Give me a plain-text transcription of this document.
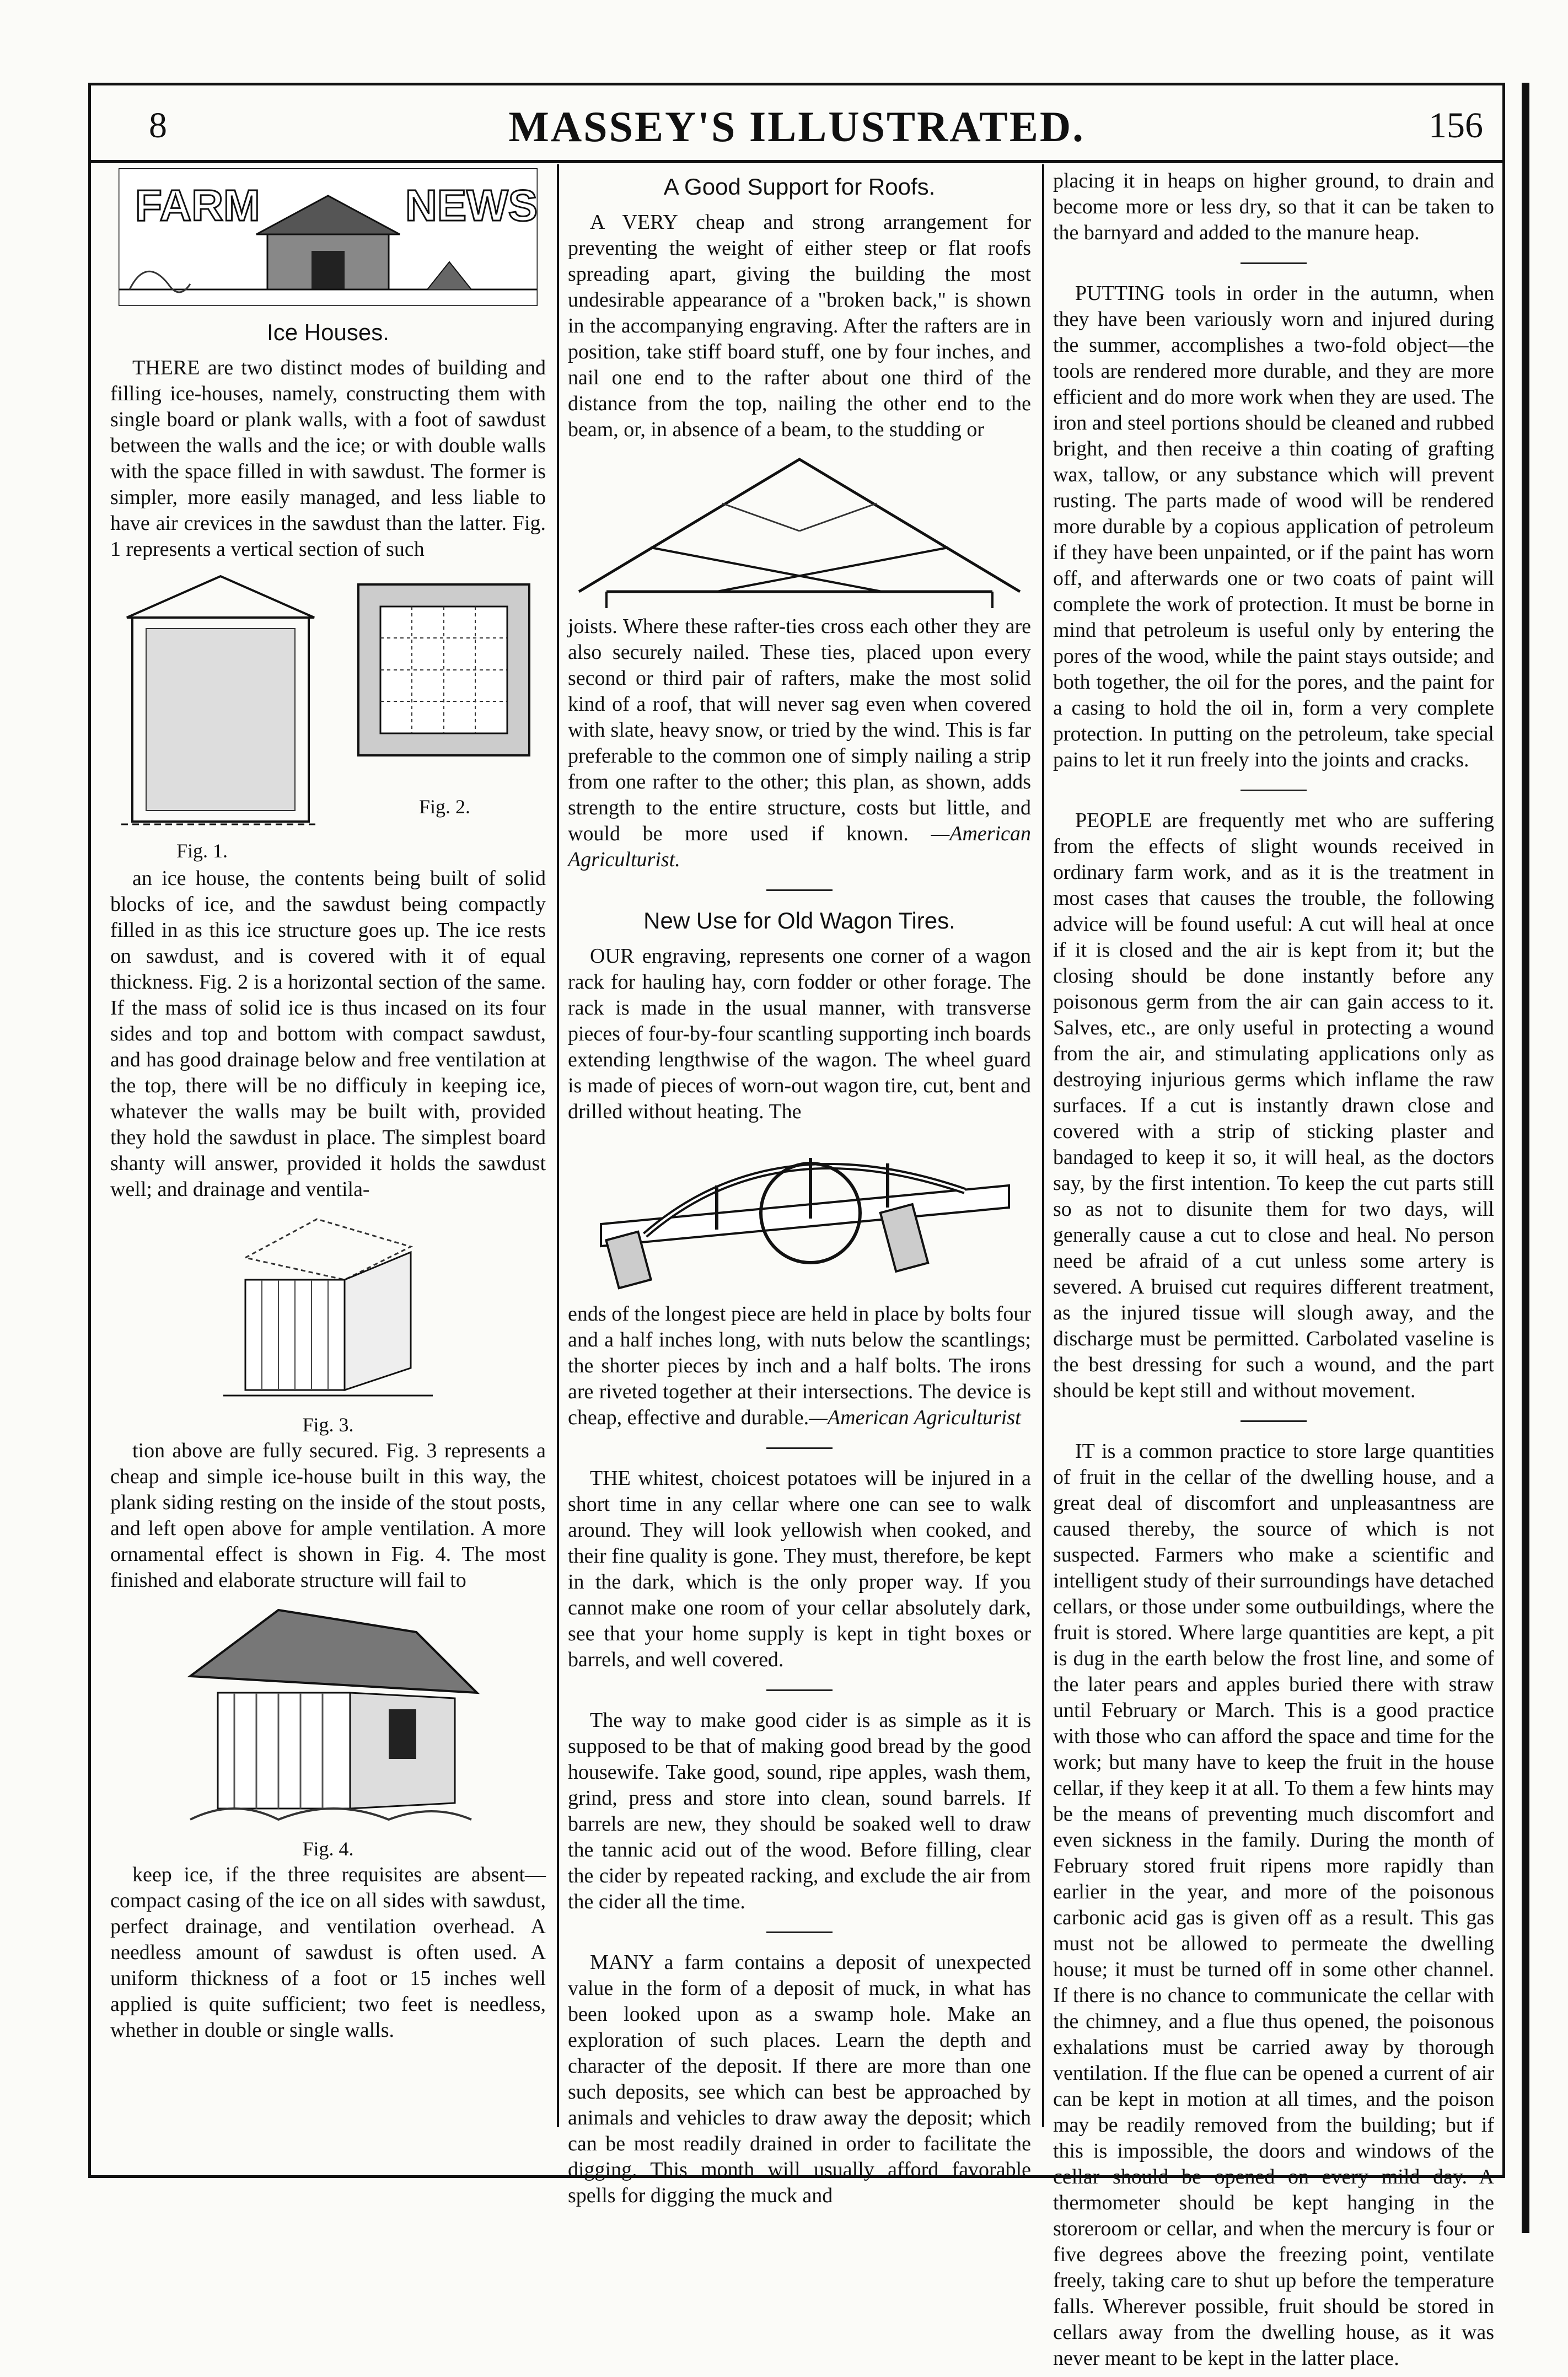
8	MASSEY'S ILLUSTRATED.	156
FARM	NEWS
Ice Houses.

THERE are two distinct modes of building and filling ice-houses, namely, constructing them with single board or plank walls, with a foot of sawdust between the walls and the ice; or with double walls with the space filled in with sawdust. The former is simpler, more easily managed, and less liable to have air crevices in the sawdust than the latter. Fig. 1 represents a vertical section of such

Fig. 1.
Fig. 2.

an ice house, the contents being built of solid blocks of ice, and the sawdust being compactly filled in as this ice structure goes up. The ice rests on sawdust, and is covered with it of equal thickness. Fig. 2 is a horizontal section of the same. If the mass of solid ice is thus incased on its four sides and top and bottom with compact sawdust, and has good drainage below and free ventilation at the top, there will be no difficuly in keeping ice, whatever the walls may be built with, provided they hold the sawdust in place. The simplest board shanty will answer, provided it holds the sawdust well; and drainage and ventila-

Fig. 3.

tion above are fully secured. Fig. 3 represents a cheap and simple ice-house built in this way, the plank siding resting on the inside of the stout posts, and left open above for ample ventilation. A more ornamental effect is shown in Fig. 4. The most finished and elaborate structure will fail to

Fig. 4.

keep ice, if the three requisites are absent—compact casing of the ice on all sides with sawdust, perfect drainage, and ventilation overhead. A needless amount of sawdust is often used. A uniform thickness of a foot or 15 inches well applied is quite sufficient; two feet is needless, whether in double or single walls.

A Good Support for Roofs.

A VERY cheap and strong arrangement for preventing the weight of either steep or flat roofs spreading apart, giving the building the most undesirable appearance of a "broken back," is shown in the accompanying engraving. After the rafters are in position, take stiff board stuff, one by four inches, and nail one end to the rafter about one third of the distance from the top, nailing the other end to the beam, or, in absence of a beam, to the studding or

joists. Where these rafter-ties cross each other they are also securely nailed. These ties, placed upon every second or third pair of rafters, make the most solid kind of a roof, that will never sag even when covered with slate, heavy snow, or tried by the wind. This is far preferable to the common one of simply nailing a strip from one rafter to the other; this plan, as shown, adds strength to the entire structure, costs but little, and would be more used if known. —American Agriculturist.

New Use for Old Wagon Tires.

OUR engraving, represents one corner of a wagon rack for hauling hay, corn fodder or other forage. The rack is made in the usual manner, with transverse pieces of four-by-four scantling supporting inch boards extending lengthwise of the wagon. The wheel guard is made of pieces of worn-out wagon tire, cut, bent and drilled without heating. The

ends of the longest piece are held in place by bolts four and a half inches long, with nuts below the scantlings; the shorter pieces by inch and a half bolts. The irons are riveted together at their intersections. The device is cheap, effective and durable.—American Agriculturist

THE whitest, choicest potatoes will be injured in a short time in any cellar where one can see to walk around. They will look yellowish when cooked, and their fine quality is gone. They must, therefore, be kept in the dark, which is the only proper way. If you cannot make one room of your cellar absolutely dark, see that your home supply is kept in tight boxes or barrels, and well covered.

The way to make good cider is as simple as it is supposed to be that of making good bread by the good housewife. Take good, sound, ripe apples, wash them, grind, press and store into clean, sound barrels. If barrels are new, they should be soaked well to draw the tannic acid out of the wood. Before filling, clear the cider by repeated racking, and exclude the air from the cider all the time.

MANY a farm contains a deposit of unexpected value in the form of a deposit of muck, in what has been looked upon as a swamp hole. Make an exploration of such places. Learn the depth and character of the deposit. If there are more than one such deposits, see which can best be approached by animals and vehicles to draw away the deposit; which can be most readily drained in order to facilitate the digging. This month will usually afford favorable spells for digging the muck and

placing it in heaps on higher ground, to drain and become more or less dry, so that it can be taken to the barnyard and added to the manure heap.

PUTTING tools in order in the autumn, when they have been variously worn and injured during the summer, accomplishes a two-fold object—the tools are rendered more durable, and they are more efficient and do more work when they are used. The iron and steel portions should be cleaned and rubbed bright, and then receive a thin coating of grafting wax, tallow, or any substance which will prevent rusting. The parts made of wood will be rendered more durable by a copious application of petroleum if they have been unpainted, or if the paint has worn off, and afterwards one or two coats of paint will complete the work of protection. It must be borne in mind that petroleum is useful only by entering the pores of the wood, while the paint stays outside; and both together, the oil for the pores, and the paint for a casing to hold the oil in, form a very complete protection. In putting on the petroleum, take special pains to let it run freely into the joints and cracks.

PEOPLE are frequently met who are suffering from the effects of slight wounds received in ordinary farm work, and as it is the treatment in most cases that causes the trouble, the following advice will be found useful: A cut will heal at once if it is closed and the air is kept from it; but the closing should be done instantly before any poisonous germ from the air can gain access to it. Salves, etc., are only useful in protecting a wound from the air, and stimulating applications only as destroying injurious germs which inflame the raw surfaces. If a cut is instantly drawn close and covered with a strip of sticking plaster and bandaged to keep it so, it will heal, as the doctors say, by the first intention. To keep the cut parts still so as not to disunite them for two days, will generally cause a cut to close and heal. No person need be afraid of a cut unless some artery is severed. A bruised cut requires different treatment, as the injured tissue will slough away, and the discharge must be permitted. Carbolated vaseline is the best dressing for such a wound, and the part should be kept still and without movement.

IT is a common practice to store large quantities of fruit in the cellar of the dwelling house, and a great deal of discomfort and unpleasantness are caused thereby, the source of which is not suspected. Farmers who make a scientific and intelligent study of their surroundings have detached cellars, or those under some outbuildings, where the fruit is stored. Where large quantities are kept, a pit is dug in the earth below the frost line, and some of the later pears and apples buried there with straw until February or March. This is a good practice with those who can afford the space and time for the work; but many have to keep the fruit in the house cellar, if they keep it at all. To them a few hints may be the means of preventing much discomfort and even sickness in the family. During the month of February stored fruit ripens more rapidly than earlier in the year, and more of the poisonous carbonic acid gas is given off as a result. This gas must not be allowed to permeate the dwelling house; it must be turned off in some other channel. If there is no chance to communicate the cellar with the chimney, and a flue thus opened, the poisonous exhalations must be carried away by thorough ventilation. If the flue can be opened a current of air can be kept in motion at all times, and the poison may be readily removed from the building; but if this is impossible, the doors and windows of the cellar should be opened on every mild day. A thermometer should be kept hanging in the storeroom or cellar, and when the mercury is four or five degrees above the freezing point, ventilate freely, taking care to shut up before the temperature falls. Wherever possible, fruit should be stored in cellars away from the dwelling house, as it was never meant to be kept in the latter place.
